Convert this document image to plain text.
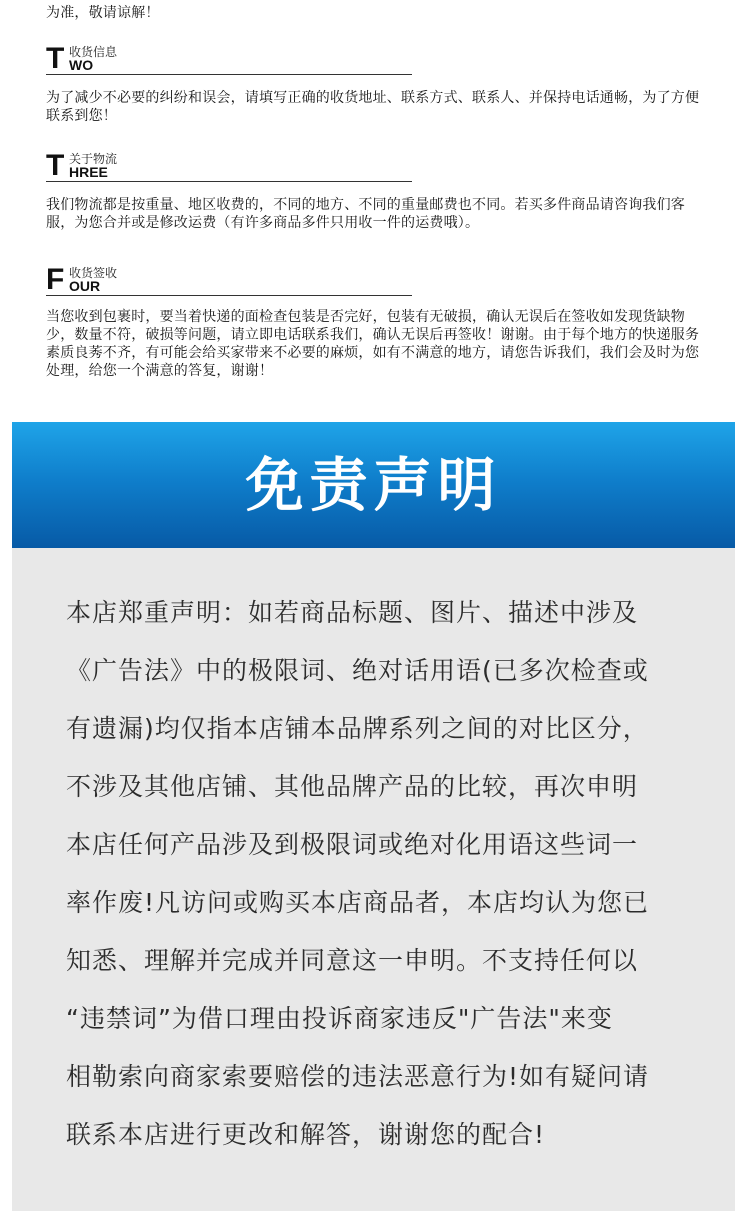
为准，敬请谅解！

T 收货信息
WO

为了减少不必要的纠纷和误会，请填写正确的收货地址、联系方式、联系人、并保持电话通畅，为了方便联系到您！

T 关于物流
HREE

我们物流都是按重量、地区收费的，不同的地方、不同的重量邮费也不同。若买多件商品请咨询我们客服，为您合并或是修改运费（有许多商品多件只用收一件的运费哦）。

F 收货签收
OUR

当您收到包裹时，要当着快递的面检查包装是否完好，包装有无破损，确认无误后在签收如发现货缺物少，数量不符，破损等问题，请立即电话联系我们，确认无误后再签收！谢谢。由于每个地方的快递服务素质良莠不齐，有可能会给买家带来不必要的麻烦，如有不满意的地方，请您告诉我们，我们会及时为您处理，给您一个满意的答复，谢谢！

免责声明
本店郑重声明：如若商品标题、图片、描述中涉及
《广告法》中的极限词、绝对话用语(已多次检查或
有遗漏)均仅指本店铺本品牌系列之间的对比区分，
不涉及其他店铺、其他品牌产品的比较，再次申明
本店任何产品涉及到极限词或绝对化用语这些词一
率作废!凡访问或购买本店商品者，本店均认为您已
知悉、理解并完成并同意这一申明。不支持任何以
“违禁词”为借口理由投诉商家违反"广告法"来变
相勒索向商家索要赔偿的违法恶意行为!如有疑问请
联系本店进行更改和解答，谢谢您的配合!
